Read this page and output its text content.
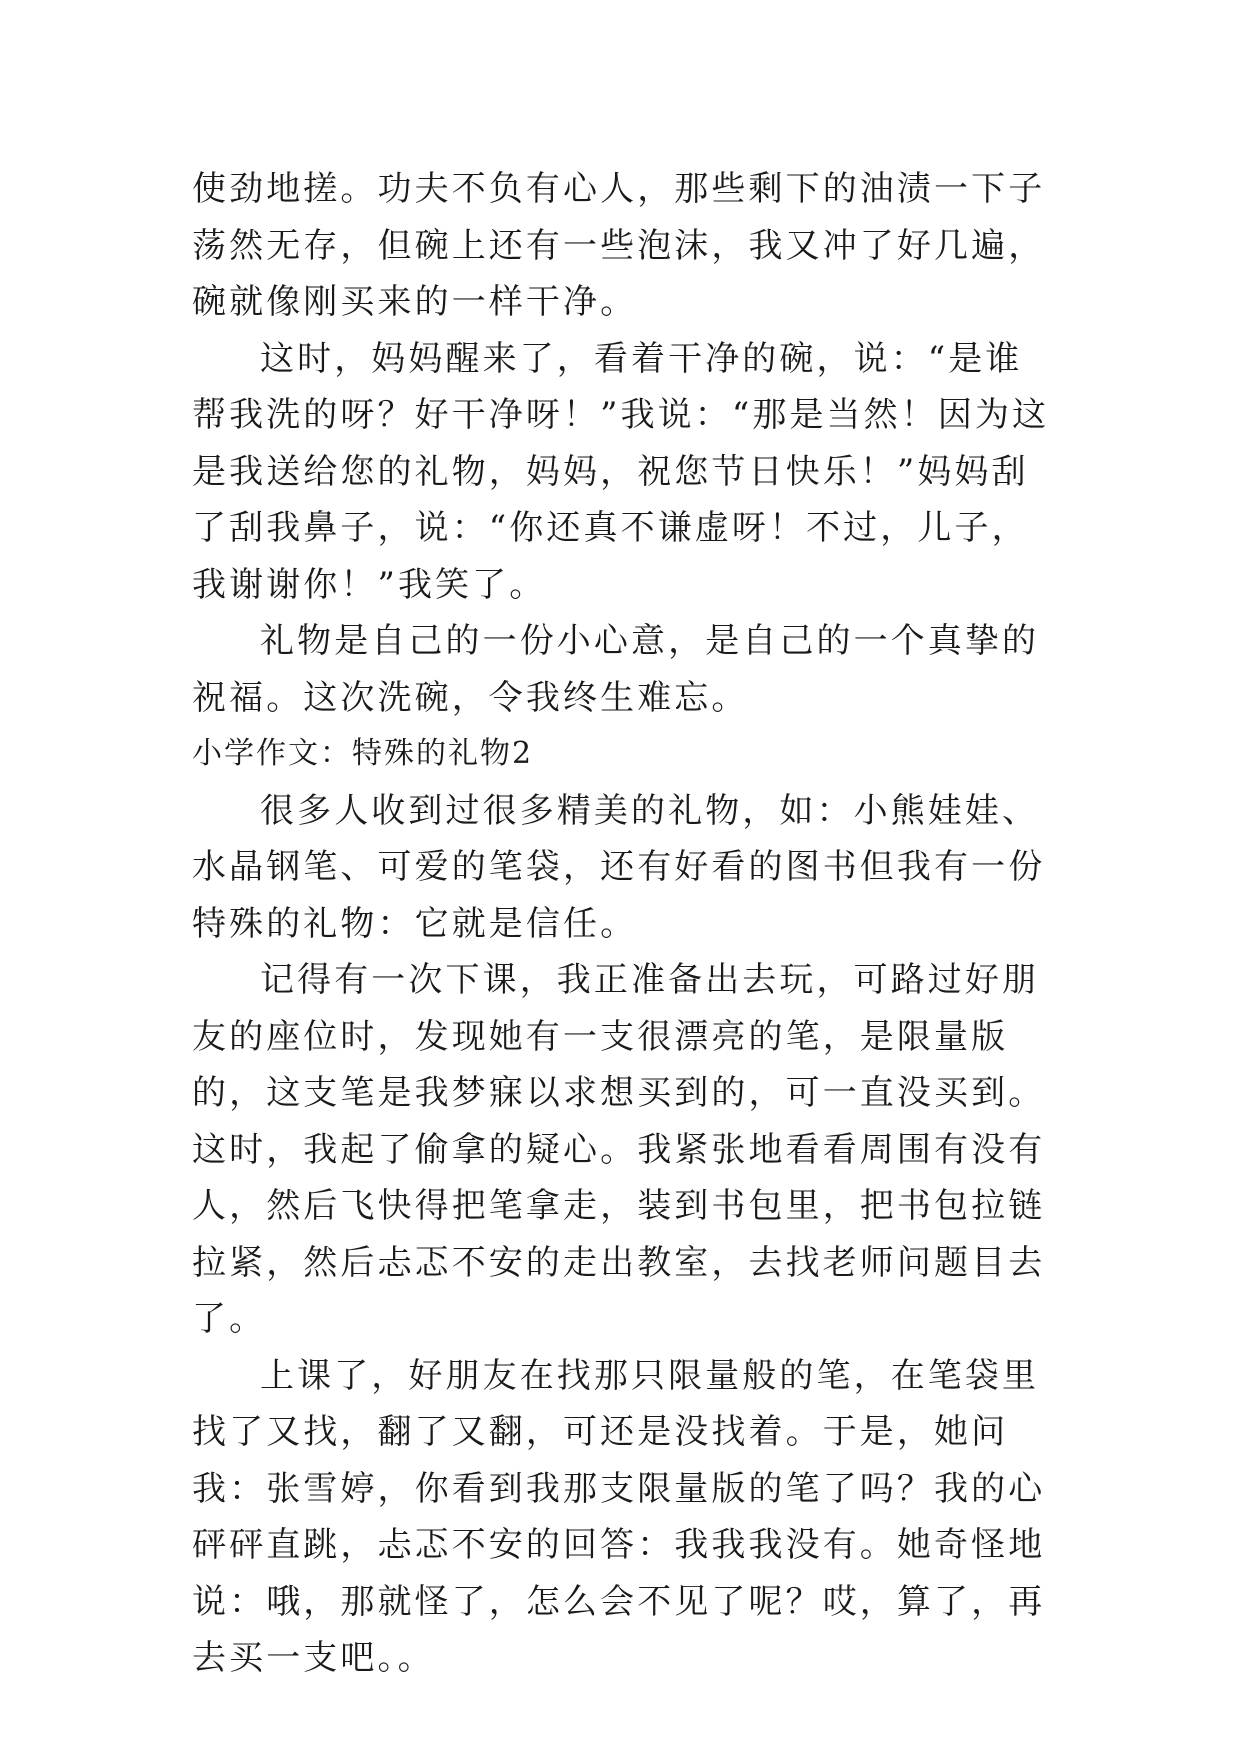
使劲地搓。功夫不负有心人，那些剩下的油渍一下子荡然无存，但碗上还有一些泡沫，我又冲了好几遍，碗就像刚买来的一样干净。

这时，妈妈醒来了，看着干净的碗，说：“是谁帮我洗的呀？好干净呀！”我说：“那是当然！因为这是我送给您的礼物，妈妈，祝您节日快乐！”妈妈刮了刮我鼻子，说：“你还真不谦虚呀！不过，儿子，我谢谢你！”我笑了。

礼物是自己的一份小心意，是自己的一个真挚的祝福。这次洗碗，令我终生难忘。

小学作文：特殊的礼物2

很多人收到过很多精美的礼物，如：小熊娃娃、水晶钢笔、可爱的笔袋，还有好看的图书但我有一份特殊的礼物：它就是信任。

记得有一次下课，我正准备出去玩，可路过好朋友的座位时，发现她有一支很漂亮的笔，是限量版的，这支笔是我梦寐以求想买到的，可一直没买到。这时，我起了偷拿的疑心。我紧张地看看周围有没有人，然后飞快得把笔拿走，装到书包里，把书包拉链拉紧，然后忐忑不安的走出教室，去找老师问题目去了。

上课了，好朋友在找那只限量般的笔，在笔袋里找了又找，翻了又翻，可还是没找着。于是，她问我：张雪婷，你看到我那支限量版的笔了吗？我的心砰砰直跳，忐忑不安的回答：我我我没有。她奇怪地说：哦，那就怪了，怎么会不见了呢？哎，算了，再去买一支吧。。
